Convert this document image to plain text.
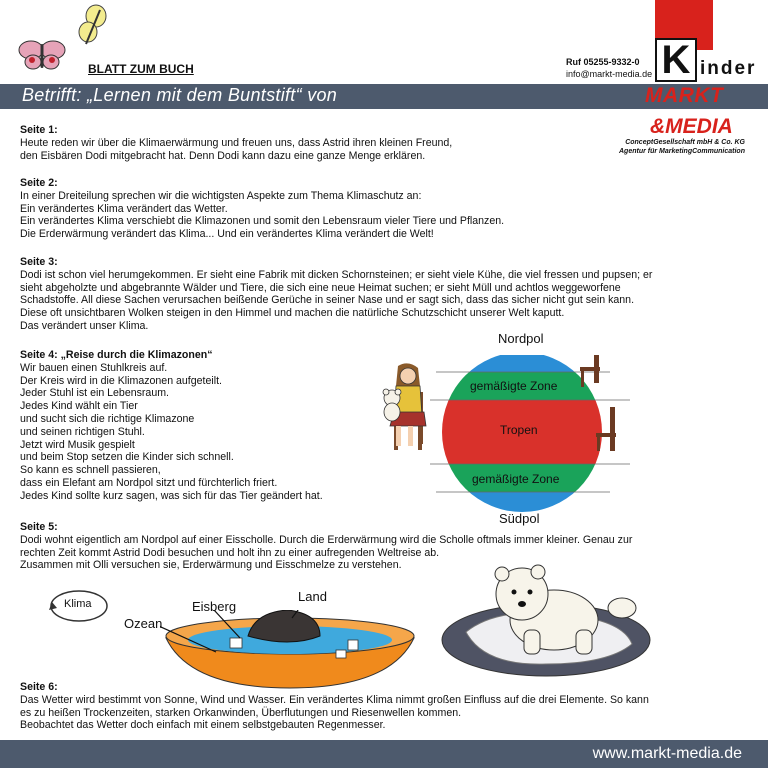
BLATT ZUM BUCH	Ruf 05255-9332-0
info@markt-media.de
Betrifft: „Lernen mit dem Buntstift“ von
K inder
MARKT
&MEDIA
ConceptGesellschaft mbH & Co. KG
Agentur für MarketingCommunication
Seite 1:
Heute reden wir über die Klimaerwärmung und freuen uns, dass Astrid ihren kleinen Freund,
den Eisbären Dodi mitgebracht hat. Denn Dodi kann dazu eine ganze Menge erklären.
Seite 2:
In einer Dreiteilung sprechen wir die wichtigsten Aspekte zum Thema Klimaschutz an:
Ein verändertes Klima verändert das Wetter.
Ein verändertes Klima verschiebt die Klimazonen und somit den Lebensraum vieler Tiere und Pflanzen.
Die Erderwärmung verändert das Klima... Und ein verändertes Klima verändert die Welt!
Seite 3:
Dodi ist schon viel herumgekommen. Er sieht eine Fabrik mit dicken Schornsteinen; er sieht viele Kühe, die viel fressen und pupsen; er
sieht abgeholzte und abgebrannte Wälder und Tiere, die sich eine neue Heimat suchen; er sieht Müll und achtlos weggeworfene
Schadstoffe. All diese Sachen verursachen beißende Gerüche in seiner Nase und er sagt sich, dass das sicher nicht gut sein kann.
Diese oft unsichtbaren Wolken steigen in den Himmel und machen die natürliche Schutzschicht unserer Welt kaputt.
Das verändert unser Klima.
Seite 4: „Reise durch die Klimazonen“
Wir bauen einen Stuhlkreis auf.
Der Kreis wird in die Klimazonen aufgeteilt.
Jeder Stuhl ist ein Lebensraum.
Jedes Kind wählt ein Tier
und sucht sich die richtige Klimazone
und seinen richtigen Stuhl.
Jetzt wird Musik gespielt
und beim Stop setzen die Kinder sich schnell.
So kann es schnell passieren,
dass ein Elefant am Nordpol sitzt und fürchterlich friert.
Jedes Kind sollte kurz sagen, was sich für das Tier geändert hat.
Nordpol
gemäßigte Zone
Tropen
gemäßigte Zone
Südpol
Seite 5:
Dodi wohnt eigentlich am Nordpol auf einer Eisscholle. Durch die Erderwärmung wird die Scholle oftmals immer kleiner. Genau zur
rechten Zeit kommt Astrid Dodi besuchen und holt ihn zu einer aufregenden Weltreise ab.
Zusammen mit Olli versuchen sie, Erderwärmung und Eisschmelze zu verstehen.
Klima	Eisberg
Land
Ozean
Seite 6:
Das Wetter wird bestimmt von Sonne, Wind und Wasser. Ein verändertes Klima nimmt großen Einfluss auf die drei Elemente. So kann
es zu heißen Trockenzeiten, starken Orkanwinden, Überflutungen und Riesenwellen kommen.
Beobachtet das Wetter doch einfach mit einem selbstgebauten Regenmesser.
www.markt-media.de
